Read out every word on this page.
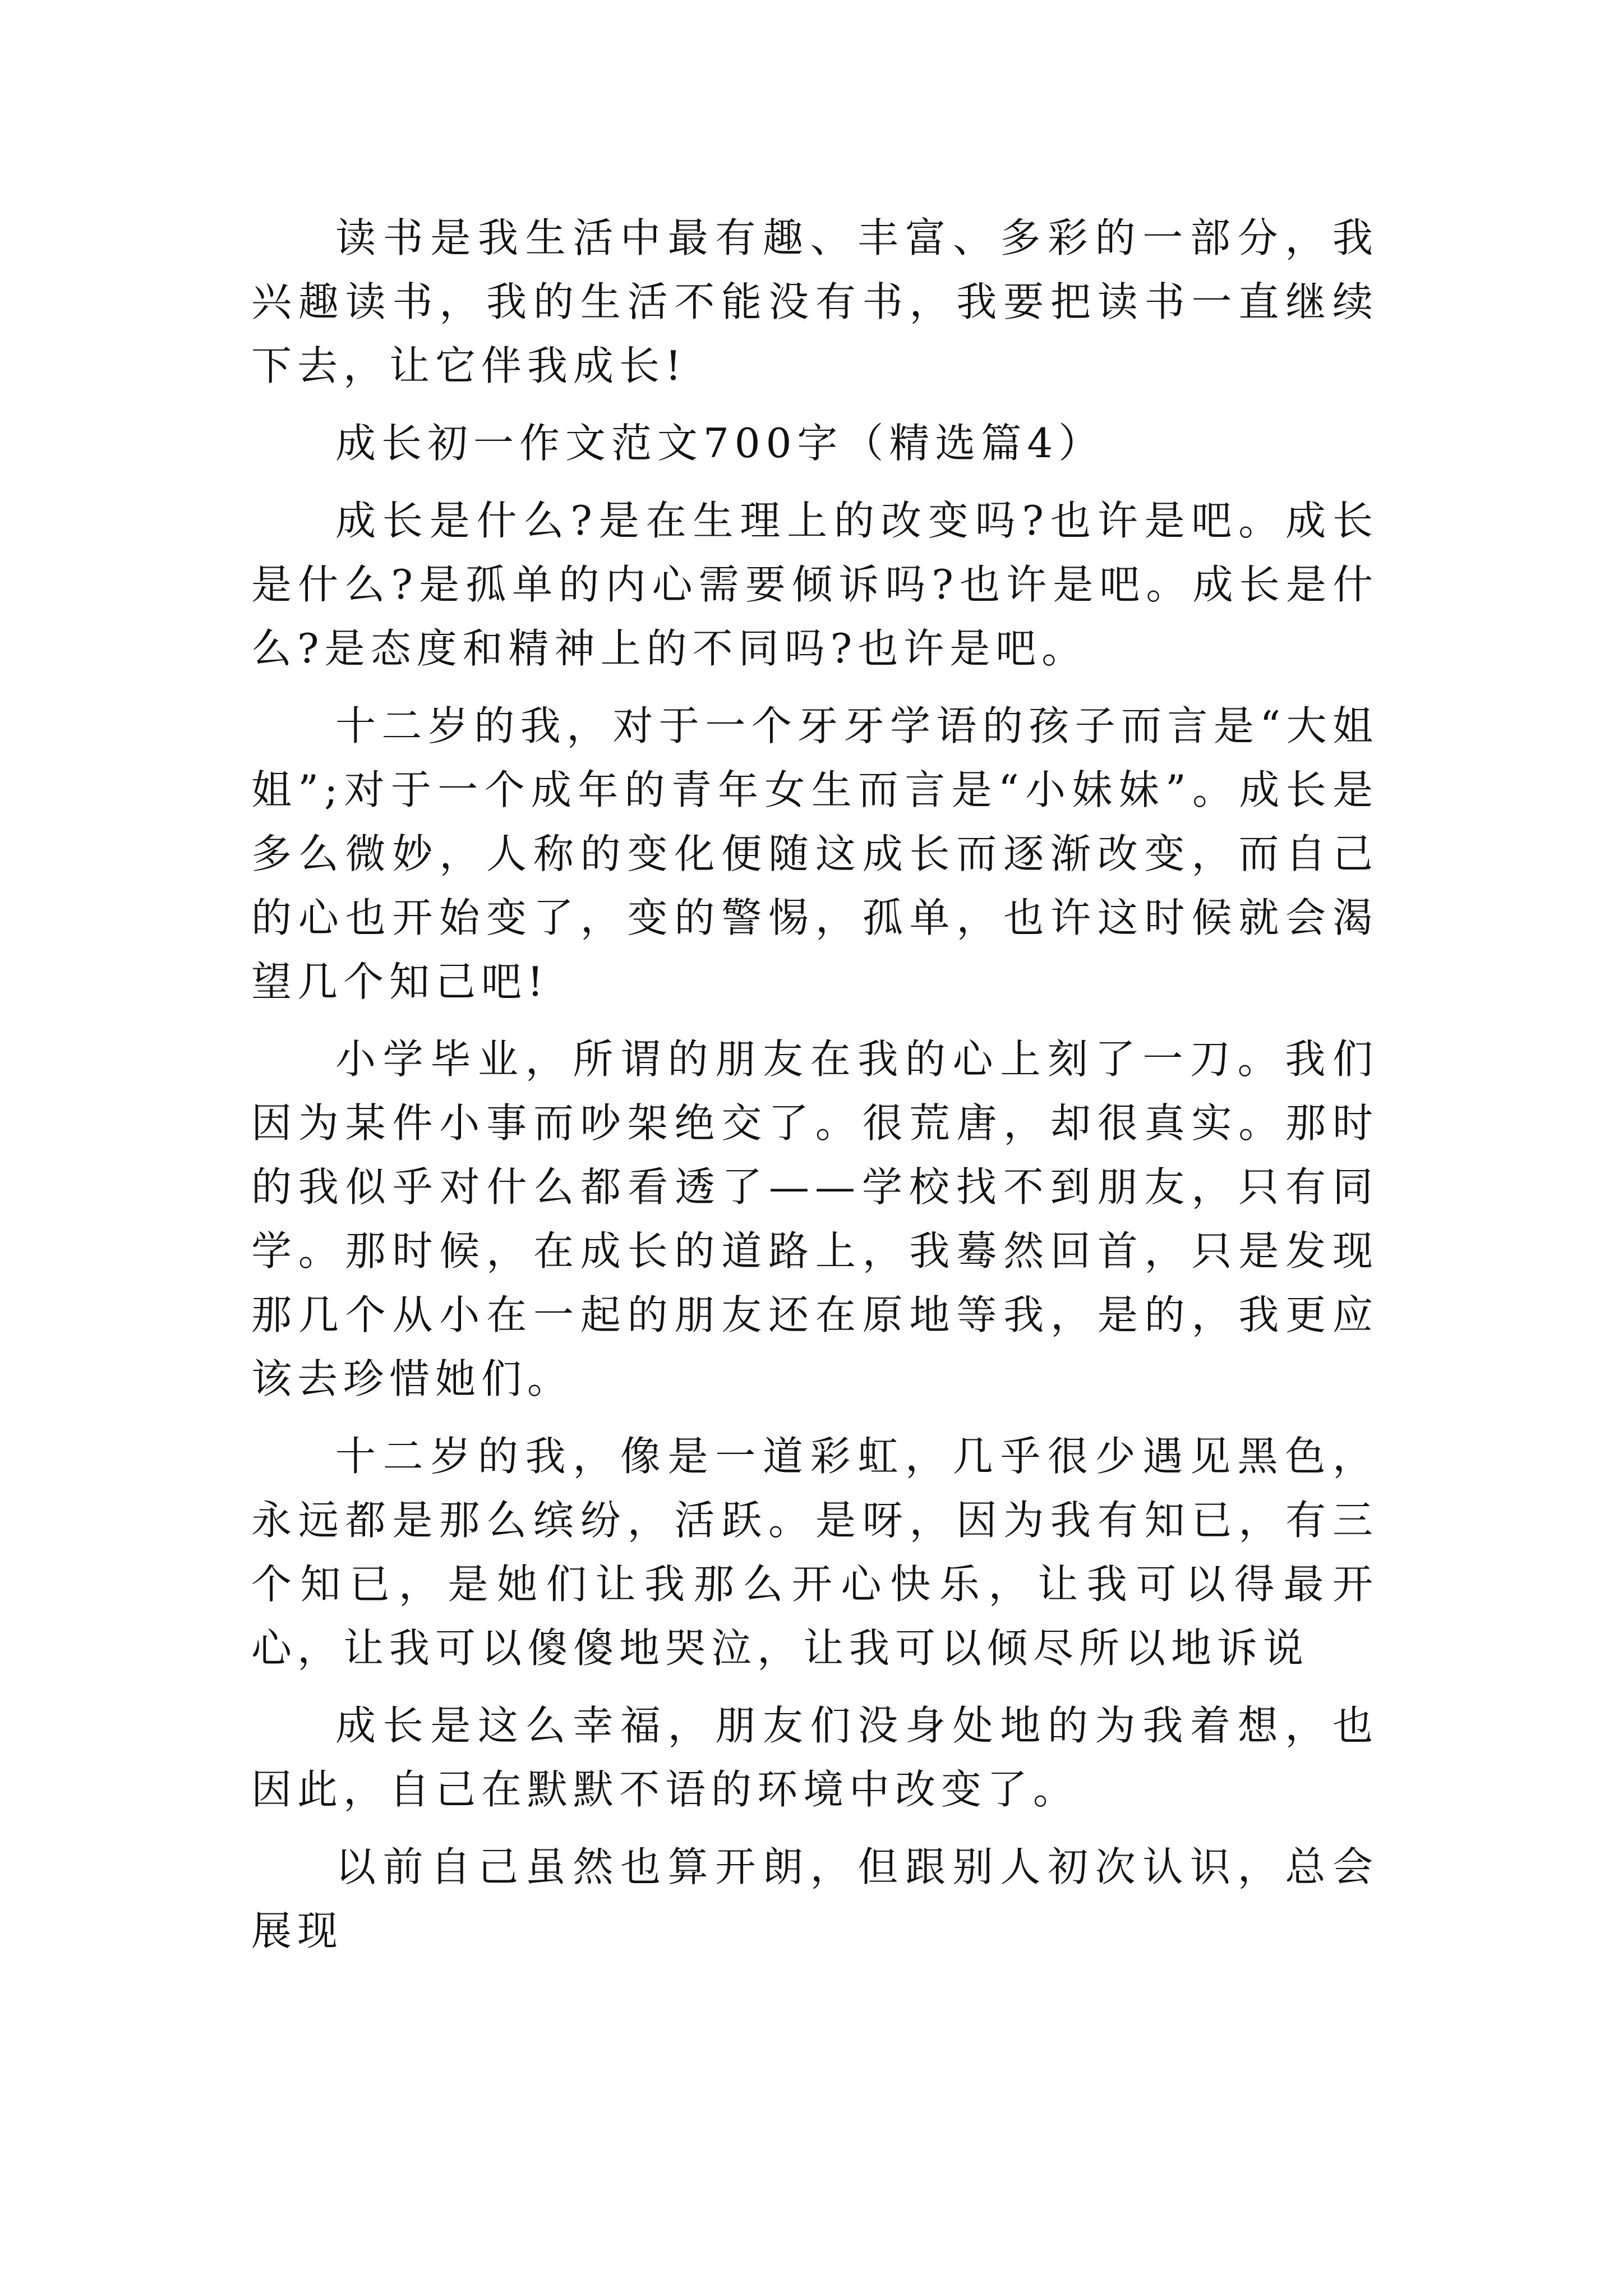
读书是我生活中最有趣、丰富、多彩的一部分，我兴趣读书，我的生活不能没有书，我要把读书一直继续下去，让它伴我成长!

成长初一作文范文700字（精选篇4）

成长是什么?是在生理上的改变吗?也许是吧。成长是什么?是孤单的内心需要倾诉吗?也许是吧。成长是什么?是态度和精神上的不同吗?也许是吧。

十二岁的我，对于一个牙牙学语的孩子而言是“大姐姐”;对于一个成年的青年女生而言是“小妹妹”。成长是多么微妙，人称的变化便随这成长而逐渐改变，而自己的心也开始变了，变的警惕，孤单，也许这时候就会渴望几个知己吧!

小学毕业，所谓的朋友在我的心上刻了一刀。我们因为某件小事而吵架绝交了。很荒唐，却很真实。那时的我似乎对什么都看透了——学校找不到朋友，只有同学。那时候，在成长的道路上，我蓦然回首，只是发现那几个从小在一起的朋友还在原地等我，是的，我更应该去珍惜她们。

十二岁的我，像是一道彩虹，几乎很少遇见黑色，永远都是那么缤纷，活跃。是呀，因为我有知已，有三个知已，是她们让我那么开心快乐，让我可以得最开心，让我可以傻傻地哭泣，让我可以倾尽所以地诉说

成长是这么幸福，朋友们没身处地的为我着想，也因此，自己在默默不语的环境中改变了。

以前自己虽然也算开朗，但跟别人初次认识，总会展现
